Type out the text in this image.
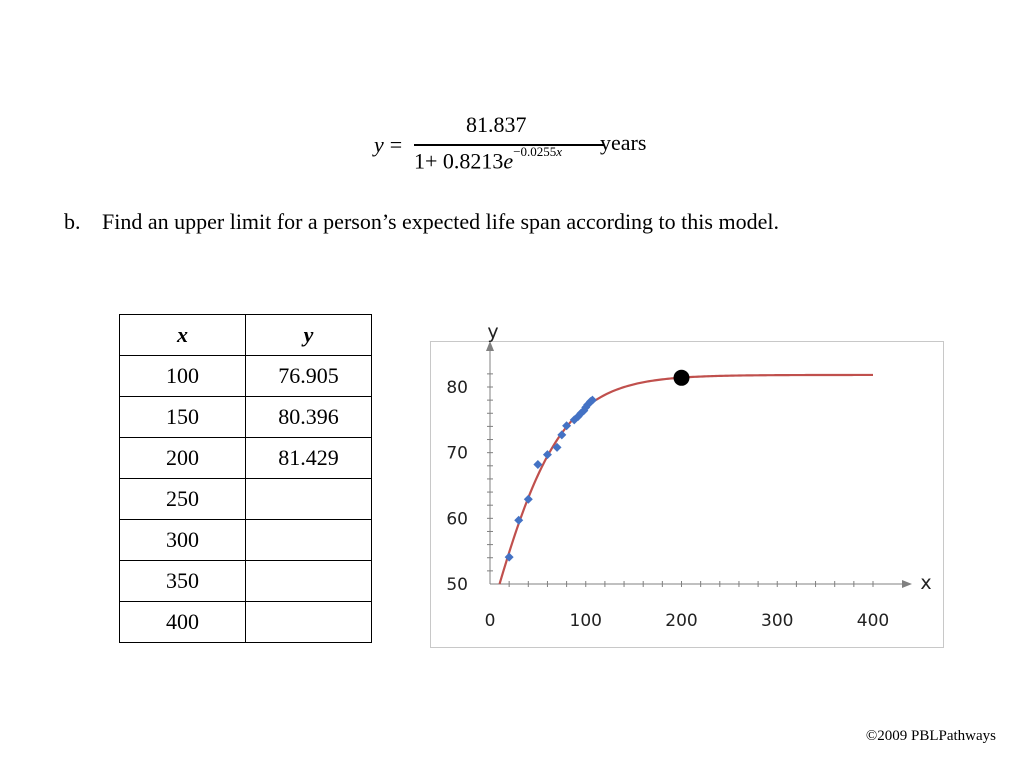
y =
81.837
$1+ 0.8213e^{-0.0255x}$ years
b. Find an upper limit for a person’s expected life span according to this model.
x	y
100	76.905
150	80.396
200	81.429
250	
300	
350	
400	
50
60
70
80
0	100	200	300	400
x
y
©2009 PBLPathways
